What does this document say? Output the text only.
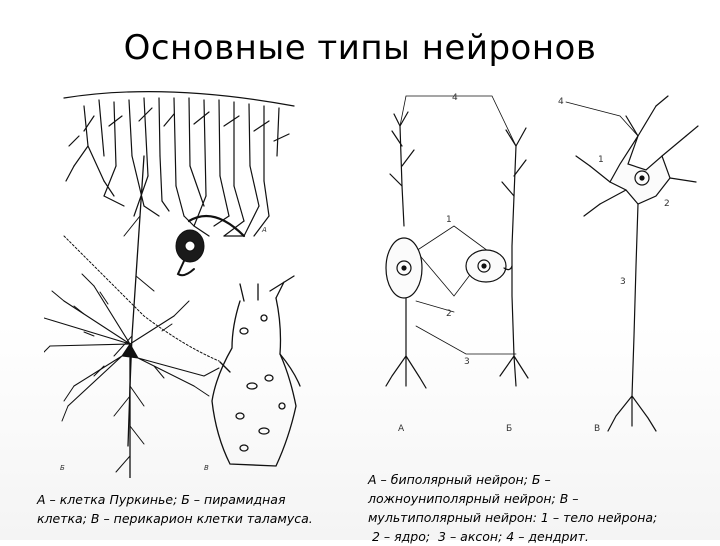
Основные типы нейронов
А
Б	В
А	Б	В
4	4
1
1
2
2
3
3
А – клетка Пуркинье; Б – пирамидная клетка; В – перикарион клетки таламуса.
А – биполярный нейрон; Б –
ложноуниполярный нейрон; В –
мультиполярный нейрон: 1 – тело нейрона;
2 – ядро;  3 – аксон; 4 – дендрит.
